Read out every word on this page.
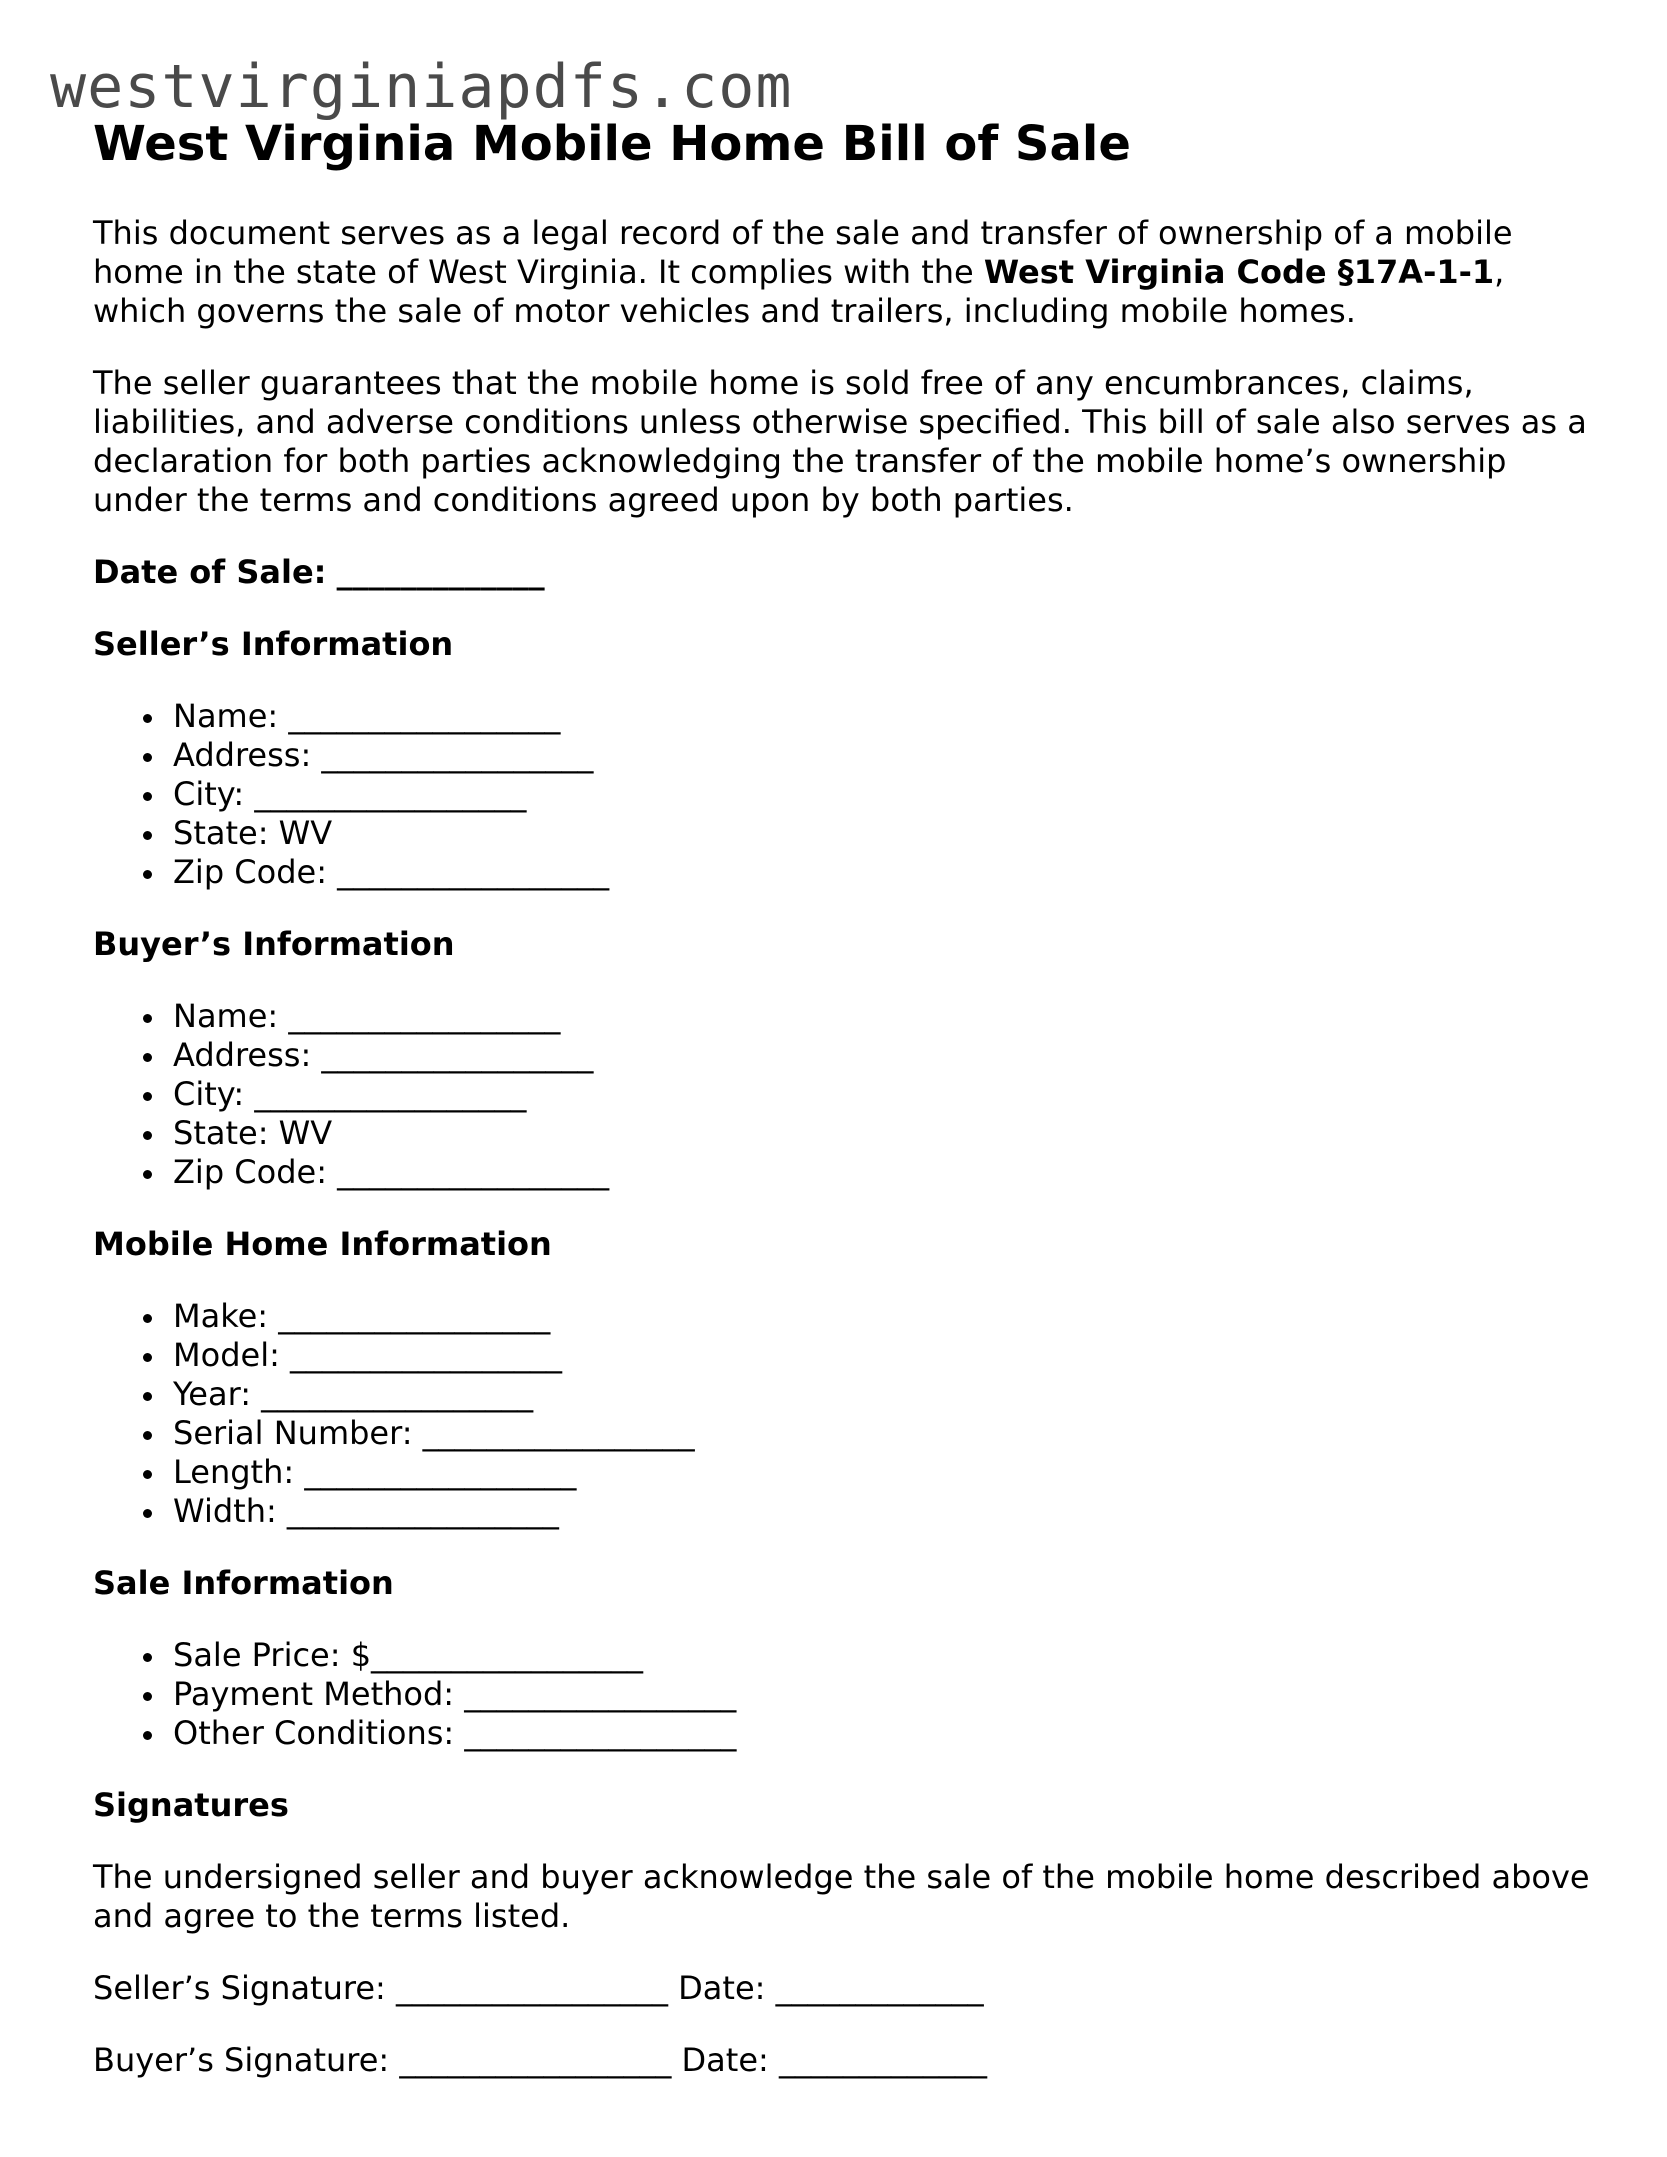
westvirginiapdfs.com
West Virginia Mobile Home Bill of Sale

This document serves as a legal record of the sale and transfer of ownership of a mobile home in the state of West Virginia. It complies with the West Virginia Code §17A-1-1, which governs the sale of motor vehicles and trailers, including mobile homes.

The seller guarantees that the mobile home is sold free of any encumbrances, claims, liabilities, and adverse conditions unless otherwise specified. This bill of sale also serves as a declaration for both parties acknowledging the transfer of the mobile home’s ownership under the terms and conditions agreed upon by both parties.

Date of Sale: _____________
Seller’s Information
Name: _________________
Address: _________________
City: _________________
State: WV
Zip Code: _________________
Buyer’s Information
Name: _________________
Address: _________________
City: _________________
State: WV
Zip Code: _________________
Mobile Home Information
Make: _________________
Model: _________________
Year: _________________
Serial Number: _________________
Length: _________________
Width: _________________
Sale Information
Sale Price: $_________________
Payment Method: _________________
Other Conditions: _________________
Signatures

The undersigned seller and buyer acknowledge the sale of the mobile home described above and agree to the terms listed.

Seller’s Signature: _________________ Date: _____________
Buyer’s Signature: _________________ Date: _____________
